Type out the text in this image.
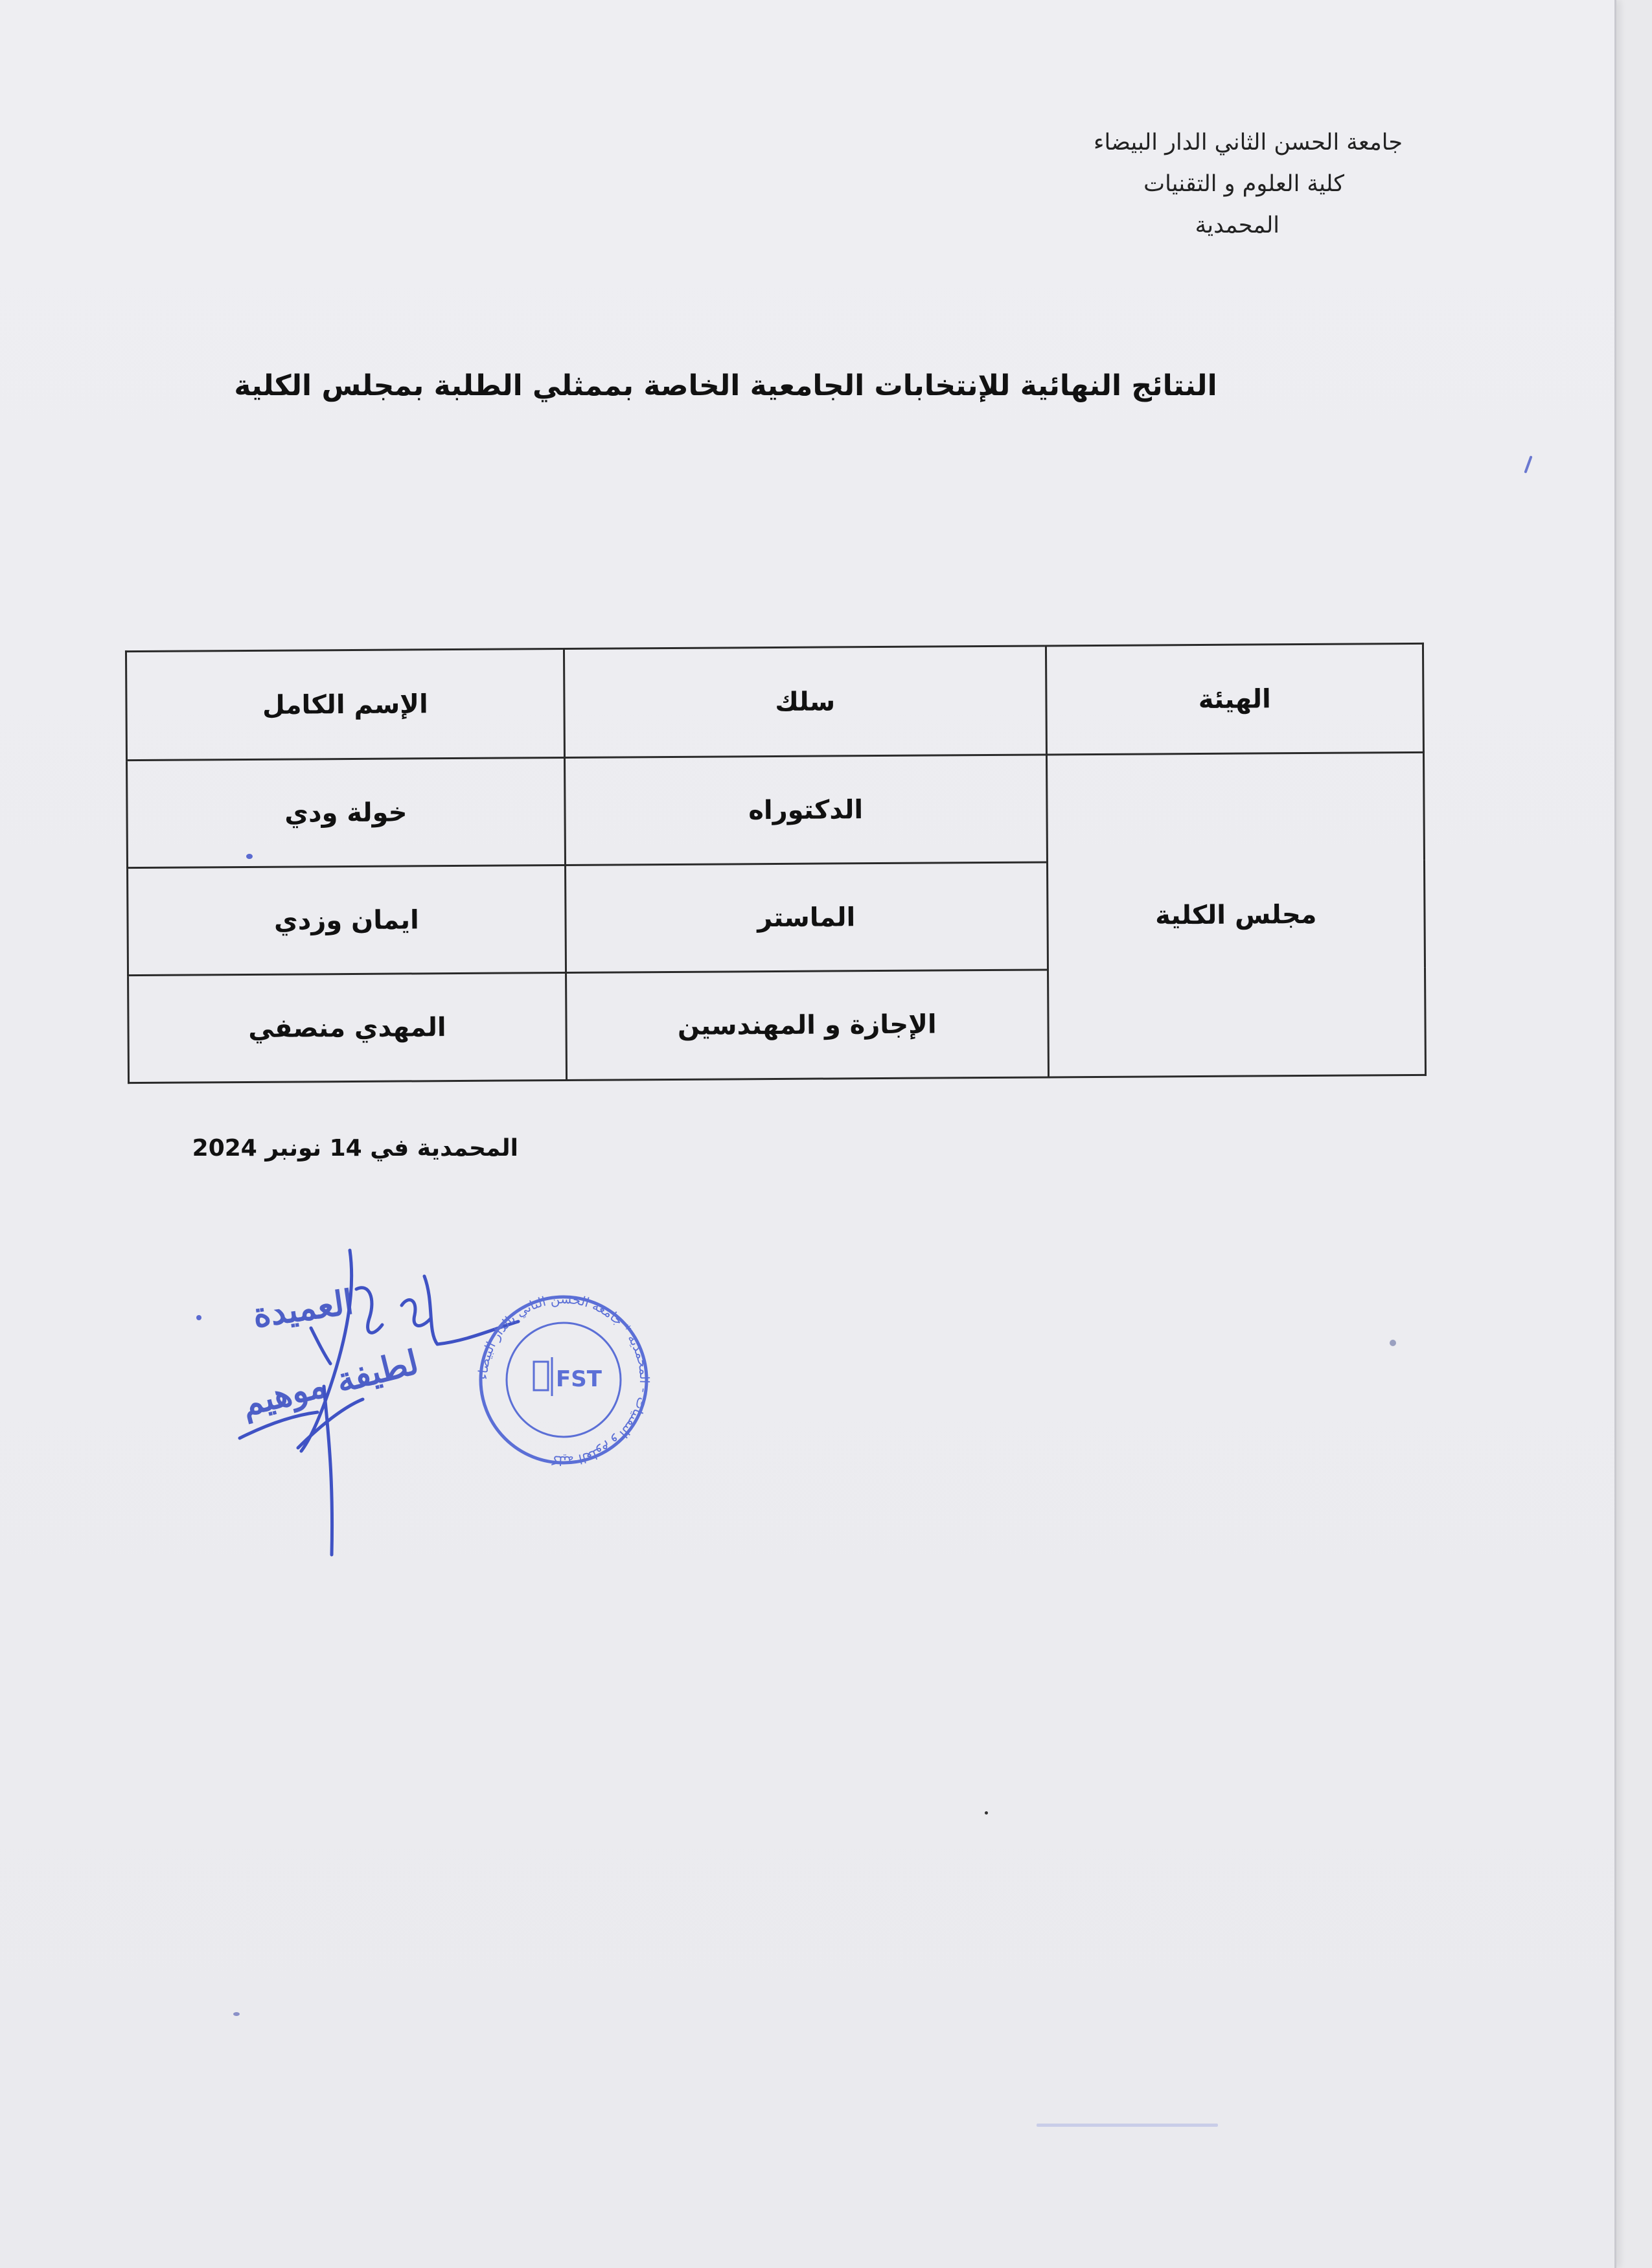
جامعة الحسن الثاني الدار البيضاء
كلية العلوم و التقنيات
المحمدية
النتائج النهائية للإنتخابات الجامعية الخاصة بممثلي الطلبة بمجلس الكلية
الهيئة	سلك	الإسم الكامل
مجلس الكلية	الدكتوراه	خولة ودي
	الماستر	ايمان وزدي
	الإجازة و المهندسين	المهدي منصفي
المحمدية في 14 نونبر 2024
العميدة
لطيفة موهيم	كلية العلوم و التقنيات - المحمدية * جامعة الحسن الثاني بالدار البيضاء
FST
